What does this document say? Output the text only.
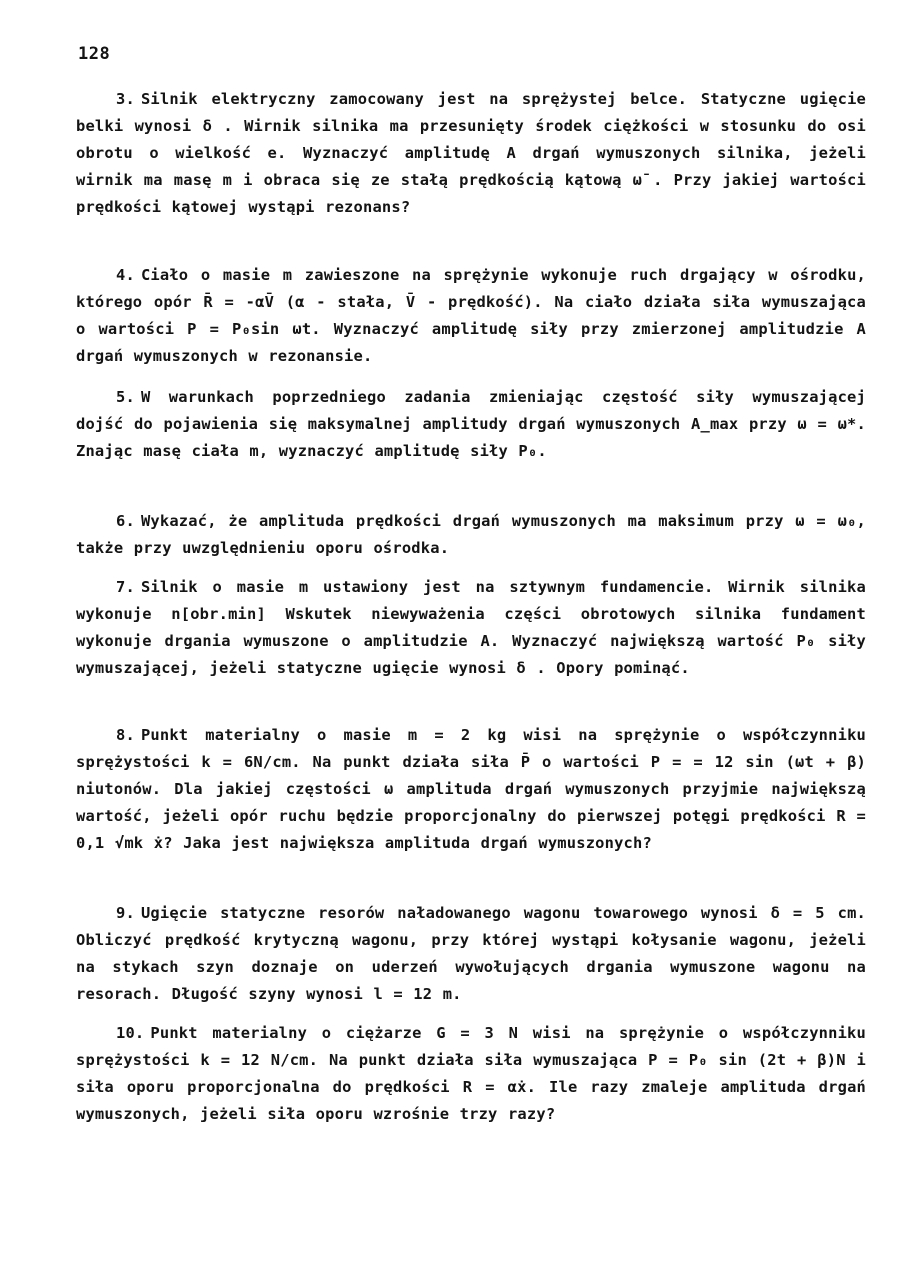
128

3. Silnik elektryczny zamocowany jest na sprężystej belce. Statyczne ugięcie belki wynosi δ . Wirnik silnika ma przesunięty środek ciężkości w stosunku do osi obrotu o wielkość e. Wyznaczyć amplitudę A drgań wymuszonych silnika, jeżeli wirnik ma masę m i obraca się ze stałą prędkością kątową ω̄ . Przy jakiej wartości prędkości kątowej wystąpi rezonans?

4. Ciało o masie m zawieszone na sprężynie wykonuje ruch drgający w ośrodku, którego opór R̄ = -αV̄ (α - stała, V̄ - prędkość). Na ciało działa siła wymuszająca o wartości P = P₀sin ωt. Wyznaczyć amplitudę siły przy zmierzonej amplitudzie A drgań wymuszonych w rezonansie.

5. W warunkach poprzedniego zadania zmieniając częstość siły wymuszającej dojść do pojawienia się maksymalnej amplitudy drgań wymuszonych A_max przy ω = ω*. Znając masę ciała m, wyznaczyć amplitudę siły P₀.

6. Wykazać, że amplituda prędkości drgań wymuszonych ma maksimum przy ω = ω₀, także przy uwzględnieniu oporu ośrodka.

7. Silnik o masie m ustawiony jest na sztywnym fundamencie. Wirnik silnika wykonuje n[obr.min] Wskutek niewyważenia części obrotowych silnika fundament wykonuje drgania wymuszone o amplitudzie A. Wyznaczyć największą wartość P₀ siły wymuszającej, jeżeli statyczne ugięcie wynosi δ . Opory pominąć.

8. Punkt materialny o masie m = 2 kg wisi na sprężynie o współczynniku sprężystości k = 6N/cm. Na punkt działa siła P̄ o wartości P = = 12 sin (ωt + β) niutonów. Dla jakiej częstości ω amplituda drgań wymuszonych przyjmie największą wartość, jeżeli opór ruchu będzie proporcjonalny do pierwszej potęgi prędkości R = 0,1 √mk ẋ? Jaka jest największa amplituda drgań wymuszonych?

9. Ugięcie statyczne resorów naładowanego wagonu towarowego wynosi δ = 5 cm. Obliczyć prędkość krytyczną wagonu, przy której wystąpi kołysanie wagonu, jeżeli na stykach szyn doznaje on uderzeń wywołujących drgania wymuszone wagonu na resorach. Długość szyny wynosi l = 12 m.

10. Punkt materialny o ciężarze G = 3 N wisi na sprężynie o współczynniku sprężystości k = 12 N/cm. Na punkt działa siła wymuszająca P = P₀ sin (2t + β)N i siła oporu proporcjonalna do prędkości R = αẋ. Ile razy zmaleje amplituda drgań wymuszonych, jeżeli siła oporu wzrośnie trzy razy?
